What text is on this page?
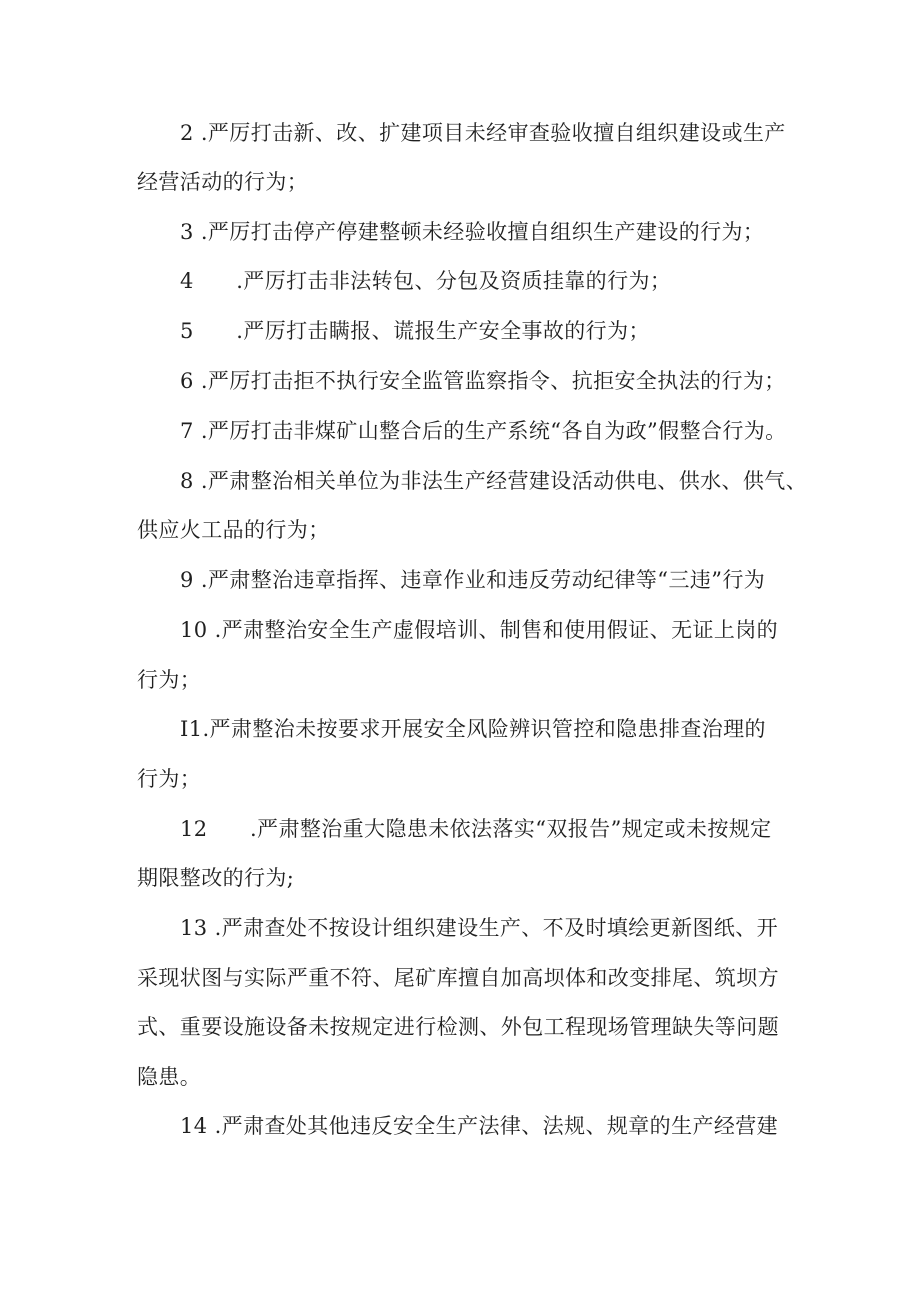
2 .严厉打击新、改、扩建项目未经审查验收擅自组织建设或生产

经营活动的行为；

3 .严厉打击停产停建整顿未经验收擅自组织生产建设的行为；

4      .严厉打击非法转包、分包及资质挂靠的行为；

5      .严厉打击瞒报、谎报生产安全事故的行为；

6 .严厉打击拒不执行安全监管监察指令、抗拒安全执法的行为；

7 .严厉打击非煤矿山整合后的生产系统“各自为政”假整合行为。

8 .严肃整治相关单位为非法生产经营建设活动供电、供水、供气、

供应火工品的行为；

9 .严肃整治违章指挥、违章作业和违反劳动纪律等“三违”行为

10 .严肃整治安全生产虚假培训、制售和使用假证、无证上岗的

行为；

I1.严肃整治未按要求开展安全风险辨识管控和隐患排查治理的

行为；

12      .严肃整治重大隐患未依法落实“双报告”规定或未按规定

期限整改的行为;

13 .严肃查处不按设计组织建设生产、不及时填绘更新图纸、开

采现状图与实际严重不符、尾矿库擅自加高坝体和改变排尾、筑坝方

式、重要设施设备未按规定进行检测、外包工程现场管理缺失等问题

隐患。

14 .严肃查处其他违反安全生产法律、法规、规章的生产经营建
